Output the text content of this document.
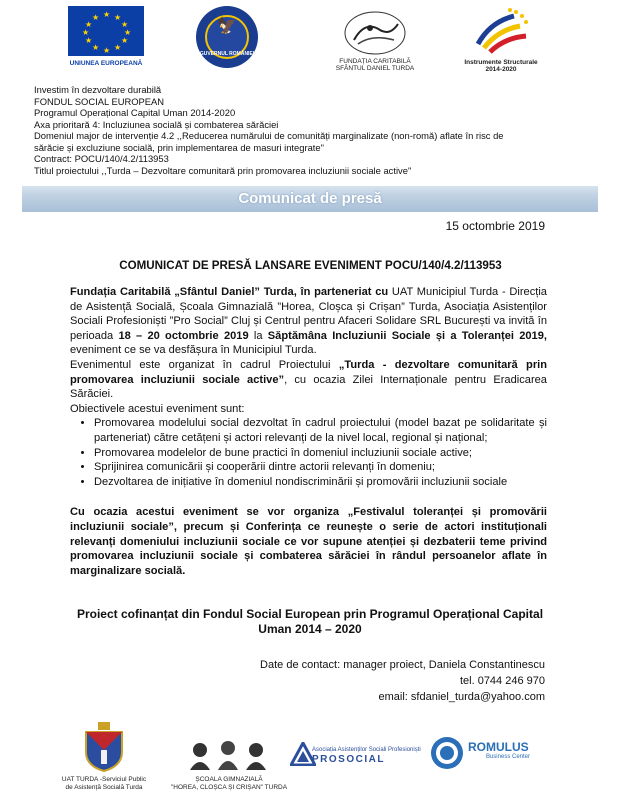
★ ★
★
★
★
★
★
★
★
★
★
★
UNIUNEA EUROPEANĂ
🦅
GUVERNUL ROMÂNIEI
FUNDAȚIA CARITABILĂ
SFÂNTUL DANIEL TURDA
Instrumente Structurale
2014-2020
Investim în dezvoltare durabilă
FONDUL SOCIAL EUROPEAN
Programul Operațional Capital Uman 2014-2020
Axa prioritară 4: Incluziunea socială și combaterea sărăciei
Domeniul major de intervenție 4.2 ,,Reducerea numărului de comunități marginalizate (non-romă) aflate în risc de
sărăcie și excluziune socială, prin implementarea de masuri integrate"
Contract: POCU/140/4.2/113953
Titlul proiectului ,,Turda – Dezvoltare comunitară prin promovarea incluziunii sociale active"
Comunicat de presă
15 octombrie 2019
COMUNICAT DE PRESĂ LANSARE EVENIMENT POCU/140/4.2/113953

Fundația Caritabilă „Sfântul Daniel” Turda, în parteneriat cu UAT Municipiul Turda - Direcția de Asistență Socială, Școala Gimnazială ”Horea, Cloșca și Crișan” Turda, Asociația Asistenților Sociali Profesioniști ”Pro Social” Cluj și Centrul pentru Afaceri Solidare SRL București va invită în perioada 18 – 20 octombrie 2019 la Săptămâna Incluziunii Sociale și a Toleranței 2019, eveniment ce se va desfășura în Municipiul Turda.

Evenimentul este organizat în cadrul Proiectului „Turda - dezvoltare comunitară prin promovarea incluziunii sociale active”, cu ocazia Zilei Internaționale pentru Eradicarea Sărăciei.

Obiectivele acestui eveniment sunt:

• Promovarea modelului social dezvoltat în cadrul proiectului (model bazat pe solidaritate și parteneriat) către cetățeni și actori relevanți de la nivel local, regional și național;
• Promovarea modelelor de bune practici în domeniul incluziunii sociale active;
• Sprijinirea comunicării și cooperării dintre actorii relevanți în domeniu;
• Dezvoltarea de inițiative în domeniul nondiscriminării și promovării incluziunii sociale

Cu ocazia acestui eveniment se vor organiza „Festivalul toleranței și promovării incluziunii sociale”, precum și Conferința ce reunește o serie de actori instituționali relevanți domeniului incluziunii sociale ce vor supune atenției și dezbaterii teme privind promovarea incluziunii sociale și combaterea sărăciei în rândul persoanelor aflate în marginalizare socială.

Proiect cofinanțat din Fondul Social European prin Programul Operațional Capital Uman 2014 – 2020
Date de contact: manager proiect, Daniela Constantinescu
tel. 0744 246 970
email: sfdaniel_turda@yahoo.com
UAT TURDA -Serviciul Public
de Asistență Socială Turda
ȘCOALA GIMNAZIALĂ
"HOREA, CLOȘCA ȘI CRIȘAN" TURDA
Asociația Asistenților Sociali Profesioniști
PROSOCIAL
ROMULUS
Business Center
